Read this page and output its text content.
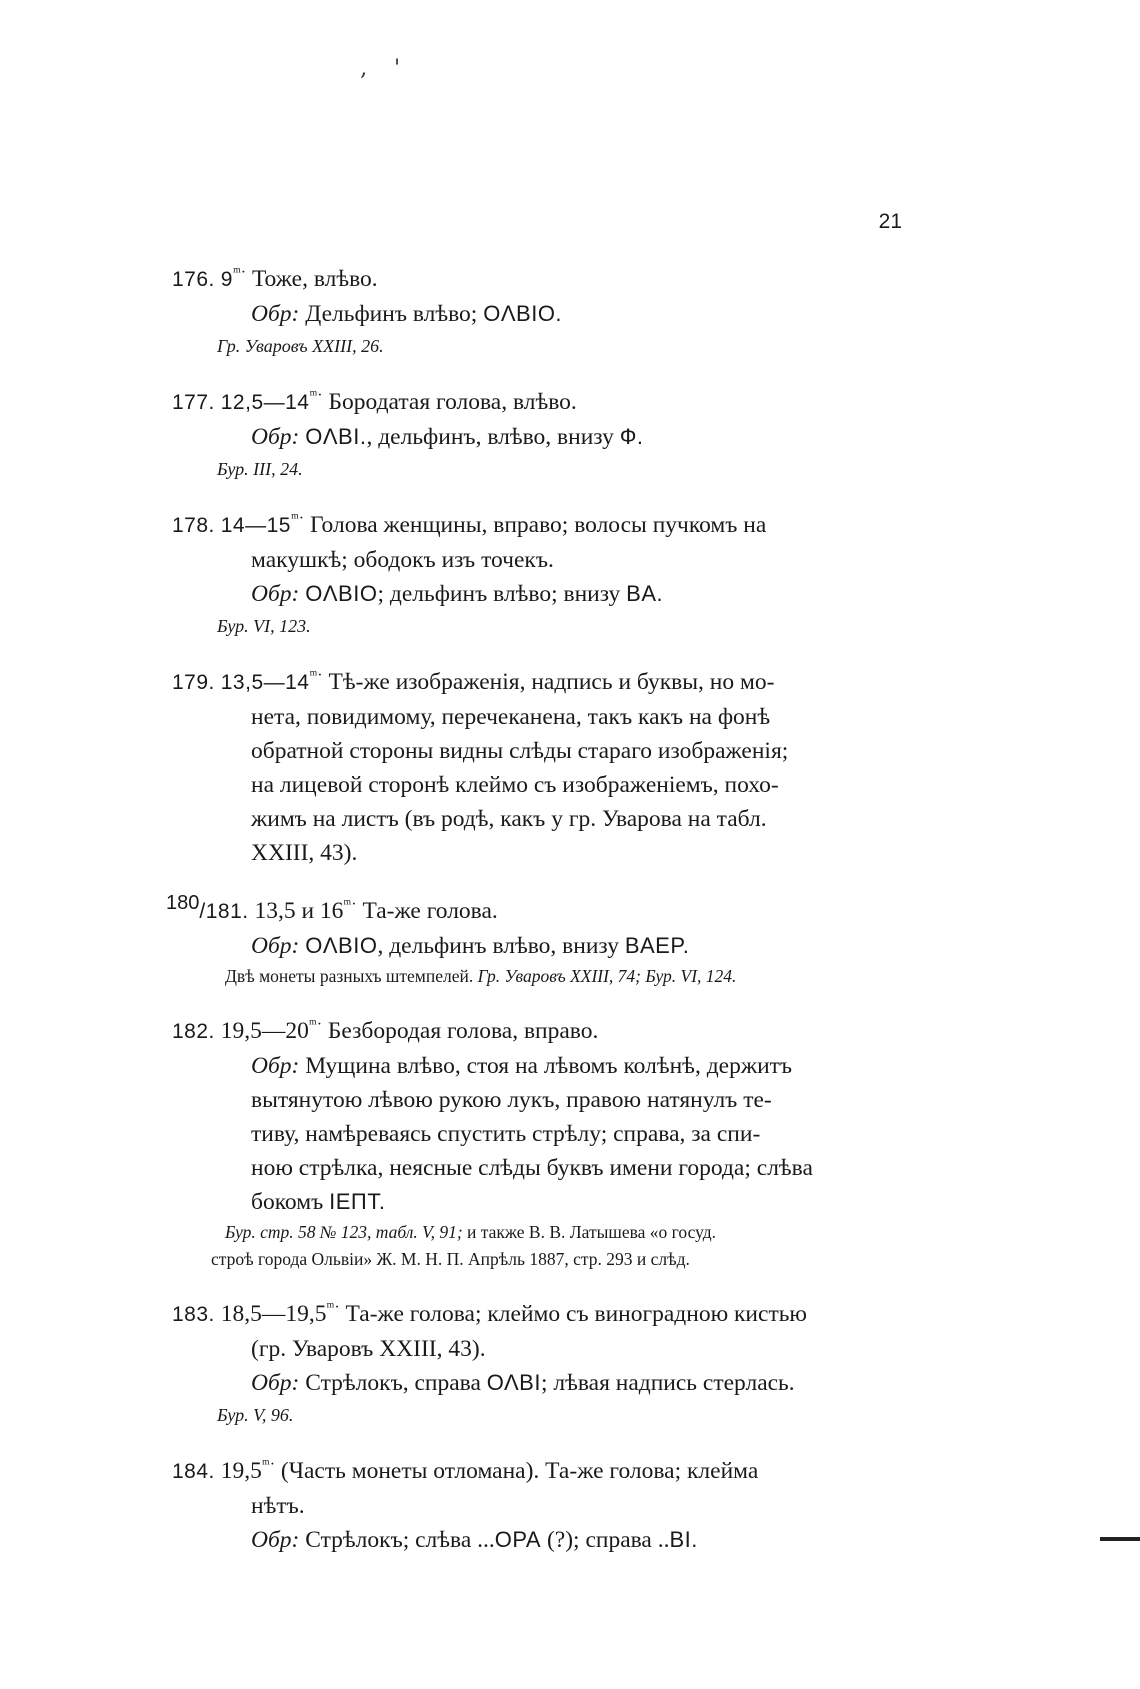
‚ '
21
176. $9^{ᵐ\cdot}$ Тоже, влѣво.
Обр: Дельфинъ влѣво; ОΛΒΙΟ.
Гр. Уваровъ XXIII, 26.
177. $12,5—14^{ᵐ\cdot}$ Бородатая голова, влѣво.
Обр: ОΛΒΙ., дельфинъ, влѣво, внизу Ф.
Бур. III, 24.
178. $14—15^{ᵐ\cdot}$ Голова женщины, вправо; волосы пучкомъ на
макушкѣ; ободокъ изъ точекъ.
Обр: ОΛΒΙΟ; дельфинъ влѣво; внизу ΒΑ.
Бур. VI, 123.
179. $13,5—14^{ᵐ\cdot}$ Тѣ-же изображенія, надпись и буквы, но мо-
нета, повидимому, перечеканена, такъ какъ на фонѣ
обратной стороны видны слѣды стараго изображенія;
на лицевой сторонѣ клеймо съ изображеніемъ, похо-
жимъ на листъ (въ родѣ, какъ у гр. Уварова на табл.
XXIII, 43).
180/181. 13,5 и $16^{ᵐ\cdot}$ Та-же голова.
Обр: ОΛΒΙΟ, дельфинъ влѣво, внизу ΒΑΕΡ.
Двѣ монеты разныхъ штемпелей. Гр. Уваровъ XXIII, 74; Бур. VI, 124.
182. $19,5—20^{ᵐ\cdot}$ Безбородая голова, вправо.
Обр: Мущина влѣво, стоя на лѣвомъ колѣнѣ, держитъ
вытянутою лѣвою рукою лукъ, правою натянулъ те-
тиву, намѣреваясь спустить стрѣлу; справа, за спи-
ною стрѣлка, неясные слѣды буквъ имени города; слѣва
бокомъ ΙΕΠΤ.
Бур. стр. 58 № 123, табл. V, 91; и также В. В. Латышева «о госуд.
строѣ города Ольвіи» Ж. М. Н. П. Апрѣль 1887, стр. 293 и слѣд.
183. $18,5—19,5^{ᵐ\cdot}$ Та-же голова; клеймо съ виноградною кистью
(гр. Уваровъ XXIII, 43).
Обр: Стрѣлокъ, справа ΟΛΒΙ; лѣвая надпись стерлась.
Бур. V, 96.
184. $19,5^{ᵐ\cdot}$ (Часть монеты отломана). Та-же голова; клейма
нѣтъ.
Обр: Стрѣлокъ; слѣва ...ΟΡΑ (?); справа ..ΒΙ.
